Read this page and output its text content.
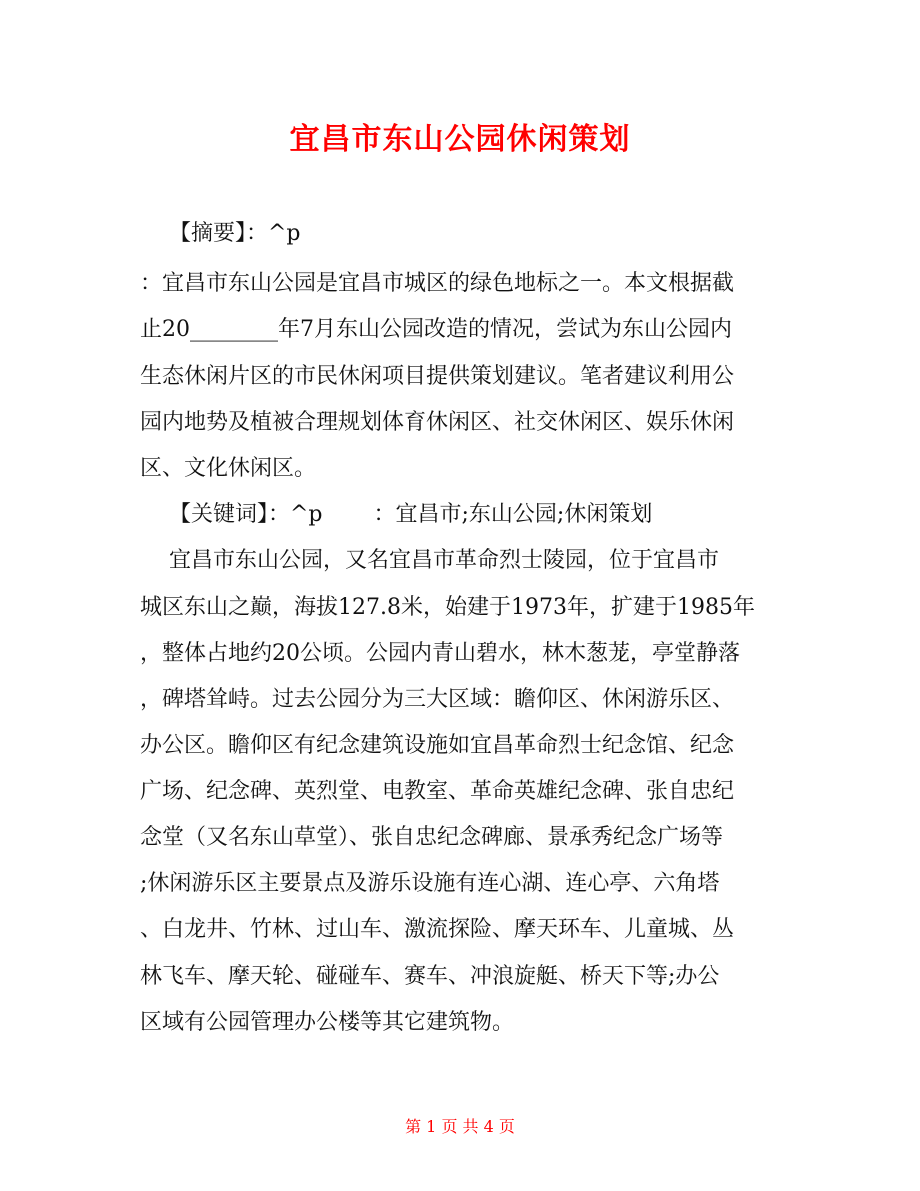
宜昌市东山公园休闲策划
　 【摘要】：^p
：宜昌市东山公园是宜昌市城区的绿色地标之一。本文根据截
止20________年7月东山公园改造的情况，尝试为东山公园内
生态休闲片区的市民休闲项目提供策划建议。笔者建议利用公
园内地势及植被合理规划体育休闲区、社交休闲区、娱乐休闲
区、文化休闲区。
　 【关键词】：^p　　 ：宜昌市;东山公园;休闲策划
　 宜昌市东山公园，又名宜昌市革命烈士陵园，位于宜昌市
城区东山之巅，海拔127.8米，始建于1973年，扩建于1985年
，整体占地约20公顷。公园内青山碧水，林木葱茏，亭堂静落
，碑塔耸峙。过去公园分为三大区域：瞻仰区、休闲游乐区、
办公区。瞻仰区有纪念建筑设施如宜昌革命烈士纪念馆、纪念
广场、纪念碑、英烈堂、电教室、革命英雄纪念碑、张自忠纪
念堂（又名东山草堂）、张自忠纪念碑廊、景承秀纪念广场等
;休闲游乐区主要景点及游乐设施有连心湖、连心亭、六角塔
、白龙井、竹林、过山车、激流探险、摩天环车、儿童城、丛
林飞车、摩天轮、碰碰车、赛车、冲浪旋艇、桥天下等;办公
区域有公园管理办公楼等其它建筑物。
第 1 页 共 4 页
